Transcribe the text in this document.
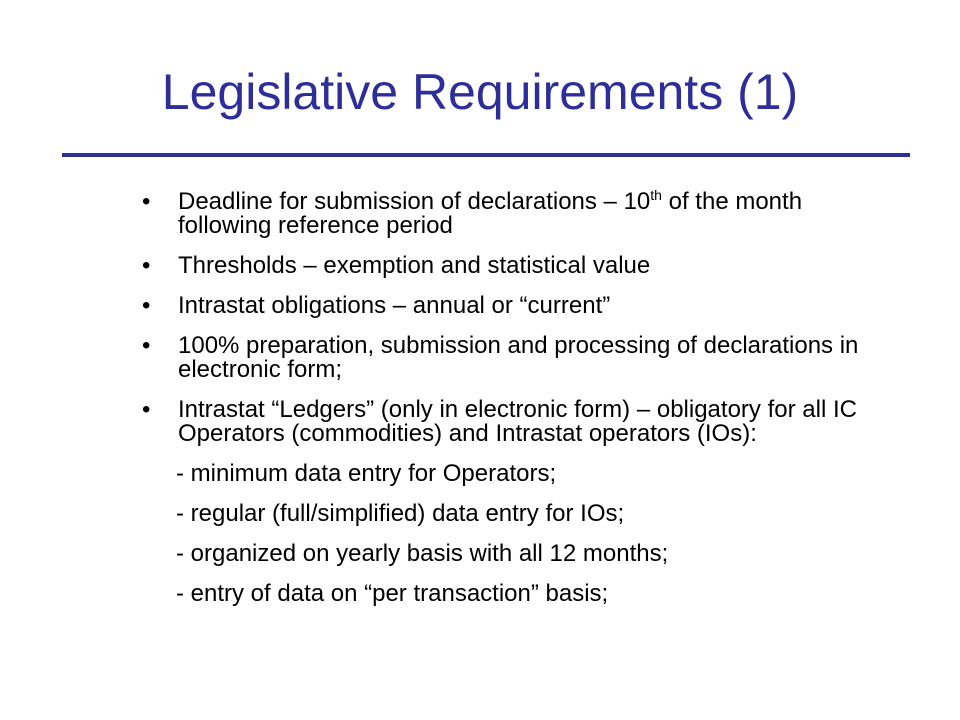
Legislative Requirements (1)
• Deadline for submission of declarations – 10th of the month following reference period
• Thresholds – exemption and statistical value
• Intrastat obligations – annual or “current”
• 100% preparation, submission and processing of declarations in electronic form;
• Intrastat “Ledgers” (only in electronic form) – obligatory for all IC Operators (commodities) and Intrastat operators (IOs):
- minimum data entry for Operators;
- regular (full/simplified) data entry for IOs;
- organized on yearly basis with all 12 months;
- entry of data on “per transaction” basis;
